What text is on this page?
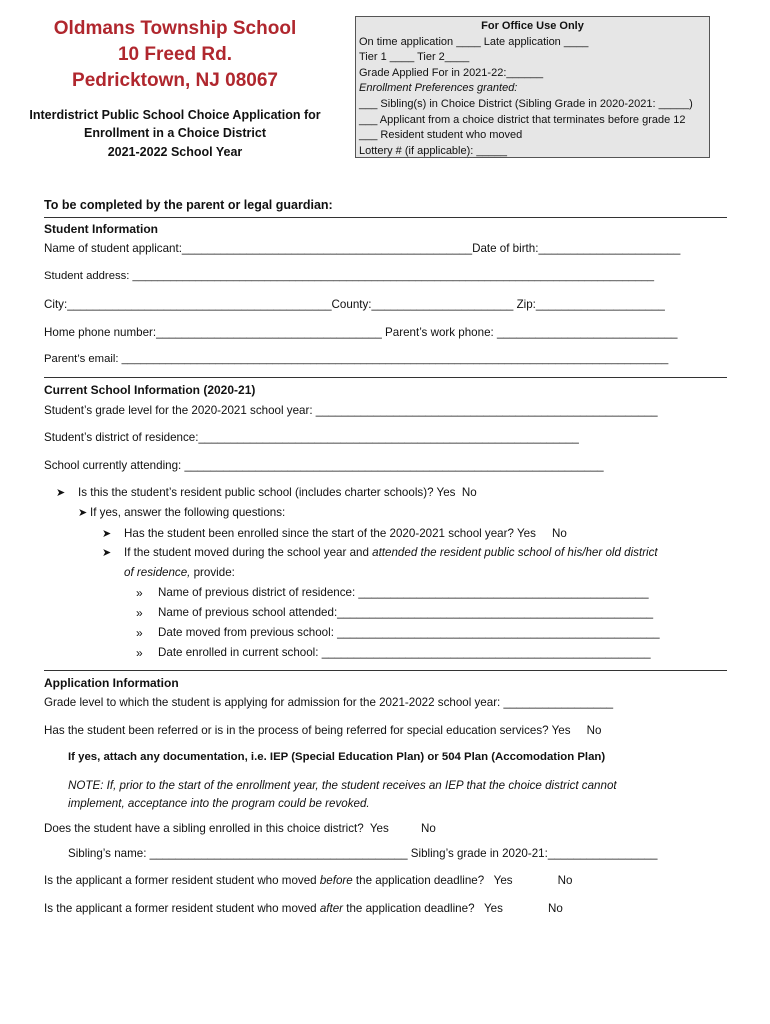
Oldmans Township School
10 Freed Rd.
Pedricktown, NJ 08067
Interdistrict Public School Choice Application for
Enrollment in a Choice District
2021-2022 School Year
For Office Use Only
On time application ____ Late application ____
Tier 1 ____ Tier 2____
Grade Applied For in 2021-22:______
Enrollment Preferences granted:
___ Sibling(s) in Choice District (Sibling Grade in 2020-2021: _____)
___ Applicant from a choice district that terminates before grade 12
___ Resident student who moved
Lottery # (if applicable): _____
To be completed by the parent or legal guardian:
Student Information
Name of student applicant:_____________________________________________Date of birth:______________________
Student address: ___________________________________________________________________________________
City:_________________________________________County:______________________ Zip:____________________
Home phone number:___________________________________ Parent’s work phone: ____________________________
Parent’s email: _______________________________________________________________________________________
Current School Information (2020-21)
Student’s grade level for the 2020-2021 school year: _____________________________________________________
Student’s district of residence:___________________________________________________________
School currently attending: _________________________________________________________________
➤ Is this the student’s resident public school (includes charter schools)? Yes  No
➤ If yes, answer the following questions:
➤ Has the student been enrolled since the start of the 2020-2021 school year? Yes     No
➤ If the student moved during the school year and attended the resident public school of his/her old district
of residence, provide:
» Name of previous district of residence: _____________________________________________
» Name of previous school attended:_________________________________________________
» Date moved from previous school: __________________________________________________
» Date enrolled in current school: ___________________________________________________
Application Information
Grade level to which the student is applying for admission for the 2021-2022 school year: _________________
Has the student been referred or is in the process of being referred for special education services? Yes     No
If yes, attach any documentation, i.e. IEP (Special Education Plan) or 504 Plan (Accomodation Plan)
NOTE: If, prior to the start of the enrollment year, the student receives an IEP that the choice district cannot
implement, acceptance into the program could be revoked.
Does the student have a sibling enrolled in this choice district?  Yes          No
Sibling’s name: ________________________________________ Sibling’s grade in 2020-21:_________________
Is the applicant a former resident student who moved before the application deadline?   Yes              No
Is the applicant a former resident student who moved after the application deadline?   Yes              No
